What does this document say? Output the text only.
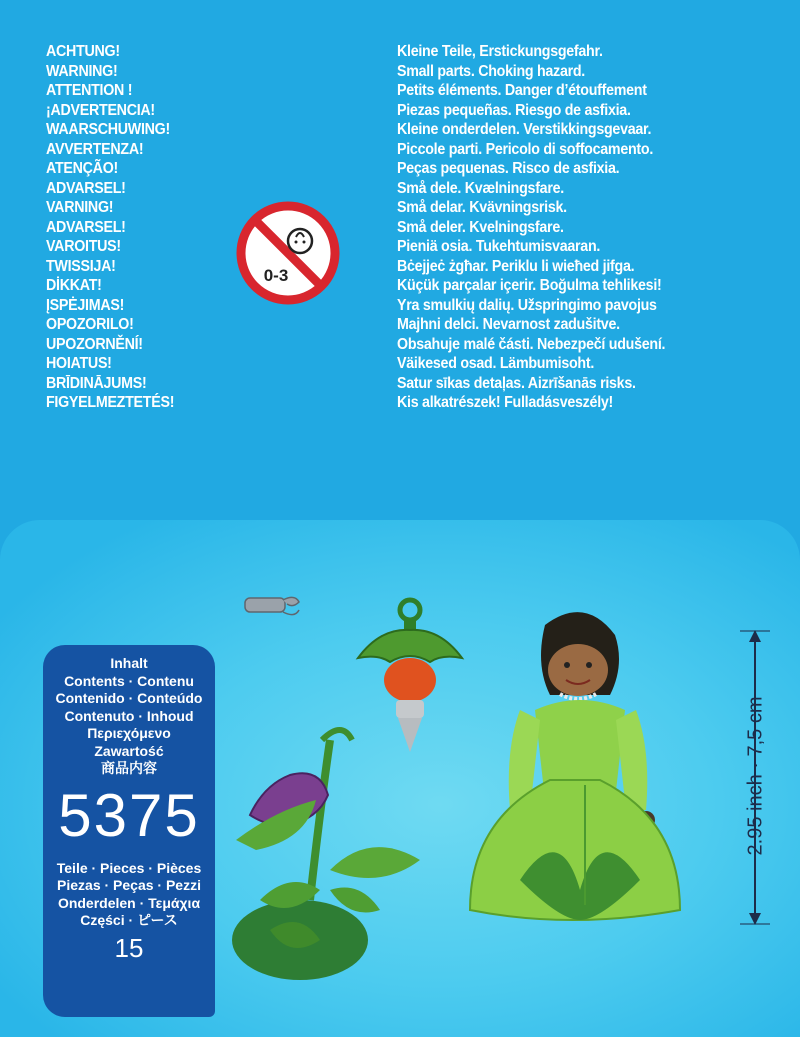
ACHTUNG!
WARNING!
ATTENTION !
¡ADVERTENCIA!
WAARSCHUWING!
AVVERTENZA!
ATENÇÃO!
ADVARSEL!
VARNING!
ADVARSEL!
VAROITUS!
TWISSIJA!
DİKKAT!
ĮSPĖJIMAS!
OPOZORILO!
UPOZORNĚNÍ!
HOIATUS!
BRĪDINĀJUMS!
FIGYELMEZTETÉS!
Kleine Teile, Erstickungsgefahr.
Small parts. Choking hazard.
Petits éléments. Danger d’étouffement
Piezas pequeñas. Riesgo de asfixia.
Kleine onderdelen. Verstikkingsgevaar.
Piccole parti. Pericolo di soffocamento.
Peças pequenas. Risco de asfixia.
Små dele. Kvælningsfare.
Små delar. Kvävningsrisk.
Små deler. Kvelningsfare.
Pieniä osia. Tukehtumisvaaran.
Bċejjeċ żgħar. Periklu li wieħed jifga.
Küçük parçalar içerir. Boğulma tehlikesi!
Yra smulkių dalių. Užspringimo pavojus
Majhni delci. Nevarnost zadušitve.
Obsahuje malé části. Nebezpečí udušení.
Väikesed osad. Lämbumisoht.
Satur sīkas detaļas. Aizrīšanās risks.
Kis alkatrészek! Fulladásveszély!
0-3
Inhalt
Contents · Contenu
Contenido · Conteúdo
Contenuto · Inhoud
Περιεχόμενο
Zawartość
商品内容
5375
Teile · Pieces · Pièces
Piezas · Peças · Pezzi
Onderdelen · Τεμάχια
Części · ピース
15
2.95 inch · 7,5 cm
